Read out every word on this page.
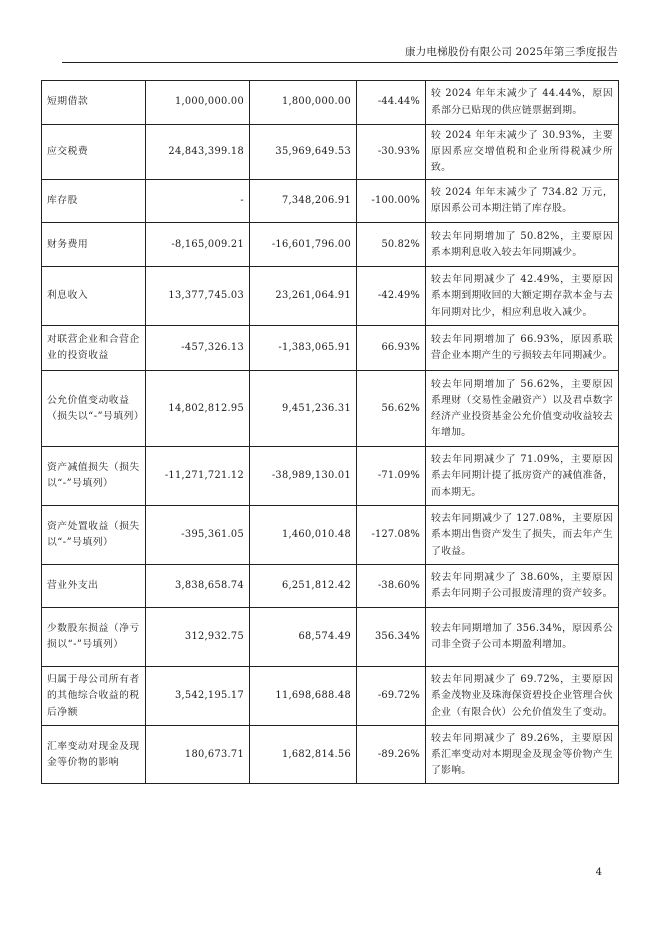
康力电梯股份有限公司 2025年第三季度报告
短期借款	1,000,000.00	1,800,000.00	-44.44%	较 2024 年年末减少了 44.44%，原因系部分已贴现的供应链票据到期。
应交税费	24,843,399.18	35,969,649.53	-30.93%	较 2024 年年末减少了 30.93%，主要原因系应交增值税和企业所得税减少所致。
库存股	-	7,348,206.91	-100.00%	较 2024 年年末减少了 734.82 万元，原因系公司本期注销了库存股。
财务费用	-8,165,009.21	-16,601,796.00	50.82%	较去年同期增加了 50.82%，主要原因系本期利息收入较去年同期减少。
利息收入	13,377,745.03	23,261,064.91	-42.49%	较去年同期减少了 42.49%，主要原因系本期到期收回的大额定期存款本金与去年同期对比少，相应利息收入减少。
对联营企业和合营企业的投资收益	-457,326.13	-1,383,065.91	66.93%	较去年同期增加了 66.93%，原因系联营企业本期产生的亏损较去年同期减少。
公允价值变动收益（损失以“-”号填列）	14,802,812.95	9,451,236.31	56.62%	较去年同期增加了 56.62%，主要原因系理财（交易性金融资产）以及君卓数字经济产业投资基金公允价值变动收益较去年增加。
资产减值损失（损失以“-”号填列）	-11,271,721.12	-38,989,130.01	-71.09%	较去年同期减少了 71.09%，主要原因系去年同期计提了抵房资产的减值准备，而本期无。
资产处置收益（损失以“-”号填列）	-395,361.05	1,460,010.48	-127.08%	较去年同期减少了 127.08%，主要原因系本期出售资产发生了损失，而去年产生了收益。
营业外支出	3,838,658.74	6,251,812.42	-38.60%	较去年同期减少了 38.60%，主要原因系去年同期子公司报废清理的资产较多。
少数股东损益（净亏损以“-”号填列）	312,932.75	68,574.49	356.34%	较去年同期增加了 356.34%，原因系公司非全资子公司本期盈利增加。
归属于母公司所有者的其他综合收益的税后净额	3,542,195.17	11,698,688.48	-69.72%	较去年同期减少了 69.72%，主要原因系金茂物业及珠海保资碧投企业管理合伙企业（有限合伙）公允价值发生了变动。
汇率变动对现金及现金等价物的影响	180,673.71	1,682,814.56	-89.26%	较去年同期减少了 89.26%，主要原因系汇率变动对本期现金及现金等价物产生了影响。
4
